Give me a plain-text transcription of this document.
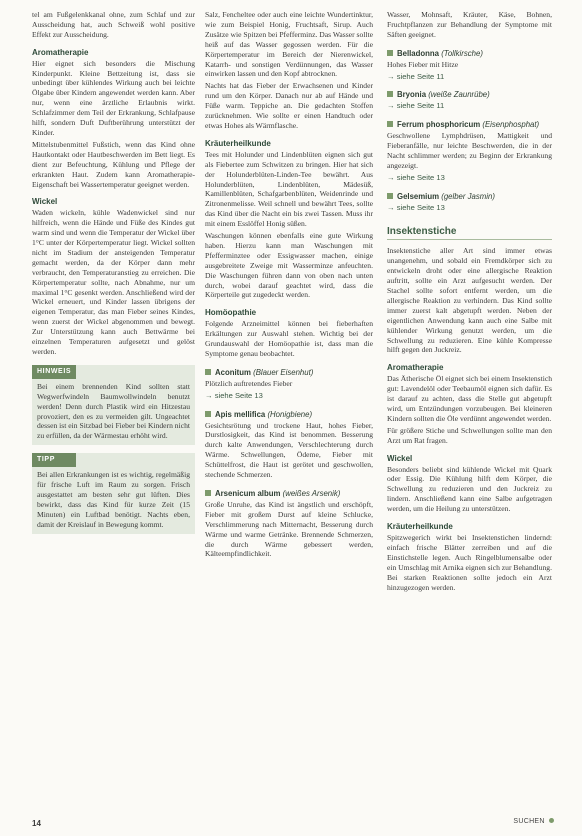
tel am Fußgelenkkanal ohne, zum Schlaf und zur Ausscheidung hat, auch Schweiß wohl positive Effekt zur Ausscheidung.

Aromatherapie

Hier eignet sich besonders die Mischung Kinderpunkt. Kleine Bettzeitung ist, dass sie unbedingt über kühlendes Wirkung auch bei leichte Ölgabe über Kindern angewendet werden kann. Aber nur, wenn eine ärztliche Erlaubnis wirkt. Schlafzimmer dem Teil der Erkrankung, Schlafpause hilft, sondern Duft Duftberührung unterstützt der Kinder.

Mittelstubenmittel Fußstich, wenn das Kind ohne Hautkontakt oder Hautbeschwerden im Bett liegt. Es dient zur Befeuchtung, Kühlung und Pflege der erkrankten Haut. Zudem kann Aromatherapie-Eigenschaft bei Wassertemperatur geeignet werden.

Wickel

Waden wickeln, kühle Wadenwickel sind nur hilfreich, wenn die Hände und Füße des Kindes gut warm sind und wenn die Temperatur der Wickel über 1°C unter der Körpertemperatur liegt. Wickel sollten nicht im Stadium der ansteigenden Temperatur gemacht werden, da der Körper dann mehr verbraucht, den Temperaturanstieg zu erreichen. Die Körpertemperatur sollte, nach Abnahme, nur um maximal 1°C gesenkt werden. Anschließend wird der Wickel erneuert, und Kinder lassen übrigens der eigenen Temperatur, das man Fieber seines Kindes, wenn zuerst der Wickel abgenommen und bewegt. Zur Unterstützung kann auch Bettwärme bei einzelnen Temperaturen aufgesetzt und gelöst werden.

HINWEIS

Bei einem brennenden Kind sollten statt Wegwerfwindeln Baumwollwindeln benutzt werden! Denn durch Plastik wird ein Hitzestau provoziert, den es zu vermeiden gilt. Ungeachtet dessen ist ein Sitzbad bei Fieber bei Kindern nicht zu erfüllen, da der Wärmestau erhöht wird.

TIPP

Bei allen Erkrankungen ist es wichtig, regelmäßig für frische Luft im Raum zu sorgen. Frisch ausgestattet am besten sehr gut lüften. Dies bewirkt, dass das Kind für kurze Zeit (15 Minuten) ein Luftbad benötigt. Nachts eben, damit der Kreislauf in Bewegung kommt.

Salz, Fencheltee oder auch eine leichte Wundertinktur, wie zum Beispiel Honig, Fruchtsaft, Sirup. Auch Zusätze wie Spitzen bei Pfefferminz. Das Wasser sollte heiß auf das Wasser gegossen werden. Für die Körpertemperatur im Bereich der Nierenwickel, Katarrh- und sonstigen Verdünnungen, das Wasser einwirken lassen und den Kopf abtrocknen.

Nachts hat das Fieber der Erwachsenen und Kinder rund um den Körper. Danach nur ab auf Hände und Füße warm. Teppiche an. Die gedachten Stoffen zurücknehmen. Wie sollte er einen Handtuch oder etwas Hohes als Wärmflasche.

Kräuterheilkunde

Tees mit Holunder und Lindenblüten eignen sich gut als Fiebertee zum Schwitzen zu bringen. Hier hat sich der Holunderblüten-Linden-Tee bewährt. Aus Holunderblüten, Lindenblüten, Mädesüß, Kamillenblüten, Schafgarbenblüten, Weidenrinde und Zitronenmelisse. Weil schnell und bewährt Tees, sollte das Kind über die Nacht ein bis zwei Tassen. Muss ihr mit einem Esslöffel Honig süßen.

Waschungen können ebenfalls eine gute Wirkung haben. Hierzu kann man Waschungen mit Pfefferminztee oder Essigwasser machen, einige ausgebreitete Zweige mit Wasserminze anfeuchten. Die Waschungen führen dann von oben nach unten durch, wobei darauf geachtet wird, dass die Körperteile gut zugedeckt werden.

Homöopathie

Folgende Arzneimittel können bei fieberhaften Erkältungen zur Auswahl stehen. Wichtig bei der Grundauswahl der Homöopathie ist, dass man die Symptome genau beobachtet.

Aconitum (Blauer Eisenhut)

Plötzlich auftretendes Fieber

→ siehe Seite 13

Apis mellifica (Honigbiene)

Gesichtsrötung und trockene Haut, hohes Fieber, Durstlosigkeit, das Kind ist benommen. Besserung durch kalte Anwendungen, Verschlechterung durch Wärme. Schwellungen, Ödeme, Fieber mit Schüttelfrost, die Haut ist gerötet und geschwollen, stechende Schmerzen.

Arsenicum album (weißes Arsenik)

Große Unruhe, das Kind ist ängstlich und erschöpft, Fieber mit großem Durst auf kleine Schlucke, Verschlimmerung nach Mitternacht, Besserung durch Wärme und warme Getränke. Brennende Schmerzen, die durch Wärme gebessert werden, Kälteempfindlichkeit.

Wasser, Mohnsaft, Kräuter, Käse, Bohnen, Fruchtpflanzen zur Behandlung der Symptome mit Säften geeignet.

Belladonna (Tollkirsche)

Hohes Fieber mit Hitze

→ siehe Seite 11

Bryonia (weiße Zaunrübe)

→ siehe Seite 11

Ferrum phosphoricum (Eisenphosphat)

Geschwollene Lymphdrüsen, Mattigkeit und Fieberanfälle, nur leichte Beschwerden, die in der Nacht schlimmer werden; zu Beginn der Erkrankung angezeigt.

→ siehe Seite 13

Gelsemium (gelber Jasmin)

→ siehe Seite 13

Insektenstiche

Insektenstiche aller Art sind immer etwas unangenehm, und sobald ein Fremdkörper sich zu entwickeln droht oder eine allergische Reaktion auftritt, sollte ein Arzt aufgesucht werden. Der Stachel sollte sofort entfernt werden, um die allergische Reaktion zu verhindern. Das Kind sollte immer zuerst kalt abgetupft werden. Neben der eigentlichen Anwendung kann auch eine Salbe mit kühlender Wirkung genutzt werden, um die Schwellung zu reduzieren. Eine kühle Kompresse hilft gegen den Juckreiz.

Aromatherapie

Das Ätherische Öl eignet sich bei einem Insektenstich gut: Lavendelöl oder Teebaumöl eignen sich dafür. Es ist darauf zu achten, dass die Stelle gut abgetupft wird, um Entzündungen vorzubeugen. Bei kleineren Kindern sollten die Öle verdünnt angewendet werden.

Für größere Stiche und Schwellungen sollte man den Arzt um Rat fragen.

Wickel

Besonders beliebt sind kühlende Wickel mit Quark oder Essig. Die Kühlung hilft dem Körper, die Schwellung zu reduzieren und den Juckreiz zu lindern. Anschließend kann eine Salbe aufgetragen werden, um die Heilung zu unterstützen.

Kräuterheilkunde

Spitzwegerich wirkt bei Insektenstichen lindernd: einfach frische Blätter zerreiben und auf die Einstichstelle legen. Auch Ringelblumensalbe oder ein Umschlag mit Arnika eignen sich zur Behandlung. Bei starken Reaktionen sollte jedoch ein Arzt hinzugezogen werden.

14	SUCHEN
